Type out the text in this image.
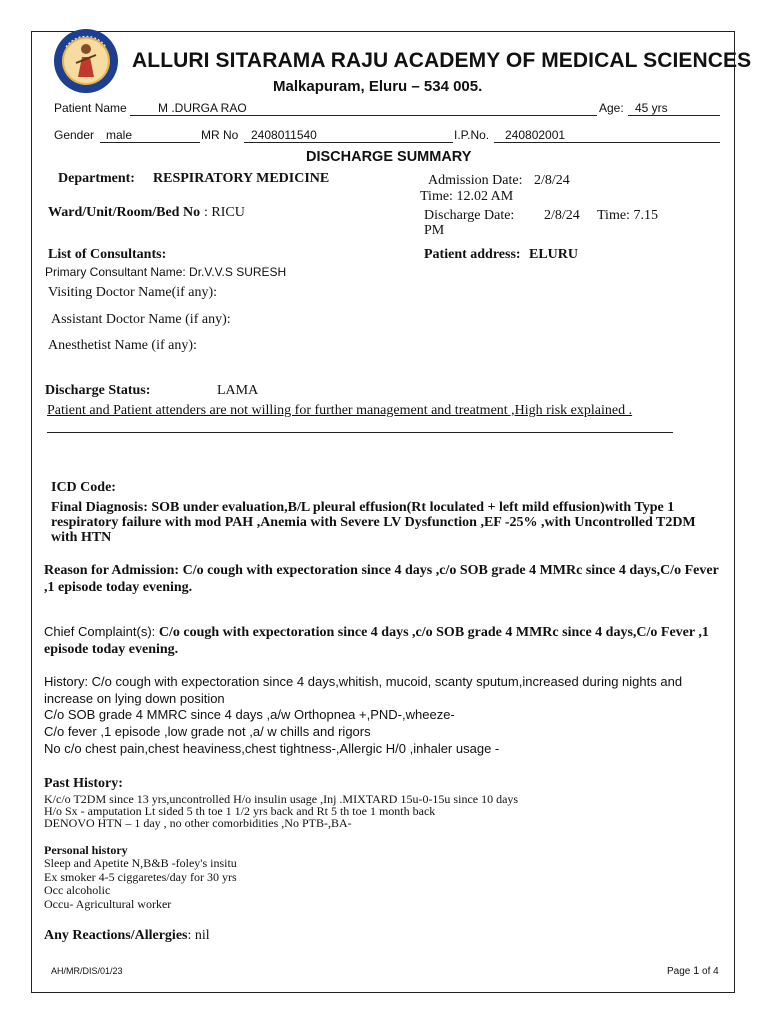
ALLURI SITARAMA RAJU ACADEMY OF MEDICAL SCIENCES
Malkapuram, Eluru – 534 005.
Patient Name	M .DURGA RAO	Age: 45 yrs
Gender male	MR No 2408011540	I.P.No. 240802001
DISCHARGE SUMMARY
Department: RESPIRATORY MEDICINE	Admission Date: 2/8/24
Time: 12.02 AM
Ward/Unit/Room/Bed No : RICU	Discharge Date: 2/8/24 Time: 7.15
PM
List of Consultants:	Patient address: ELURU
Primary Consultant Name: Dr.V.V.S SURESH
Visiting Doctor Name(if any):
Assistant Doctor Name (if any):
Anesthetist Name (if any):
Discharge Status:	LAMA
Patient and Patient attenders are not willing for further management and treatment ,High risk explained .
ICD Code:
Final Diagnosis: SOB under evaluation,B/L pleural effusion(Rt loculated + left mild effusion)with Type 1 respiratory failure with mod PAH ,Anemia with Severe LV Dysfunction ,EF -25% ,with Uncontrolled T2DM with HTN
Reason for Admission: C/o cough with expectoration since 4 days ,c/o SOB grade 4 MMRc since 4 days,C/o Fever ,1 episode today evening.
Chief Complaint(s): C/o cough with expectoration since 4 days ,c/o SOB grade 4 MMRc since 4 days,C/o Fever ,1 episode today evening.
History: C/o cough with expectoration since 4 days,whitish, mucoid, scanty sputum,increased during nights and increase on lying down position
C/o SOB grade 4 MMRC since 4 days ,a/w Orthopnea +,PND-,wheeze-
C/o fever ,1 episode ,low grade not ,a/ w chills and rigors
No c/o chest pain,chest heaviness,chest tightness-,Allergic H/0 ,inhaler usage -
Past History:
K/c/o T2DM since 13 yrs,uncontrolled H/o insulin usage ,Inj .MIXTARD 15u-0-15u since 10 days
H/o Sx - amputation Lt sided 5 th toe 1 1/2 yrs back and Rt 5 th toe 1 month back
DENOVO HTN – 1 day , no other comorbidities ,No PTB-,BA-
Personal history
Sleep and Apetite N,B&B -foley's insitu
Ex smoker 4-5 ciggaretes/day for 30 yrs
Occ alcoholic
Occu- Agricultural worker
Any Reactions/Allergies: nil
AH/MR/DIS/01/23	Page 1 of 4
